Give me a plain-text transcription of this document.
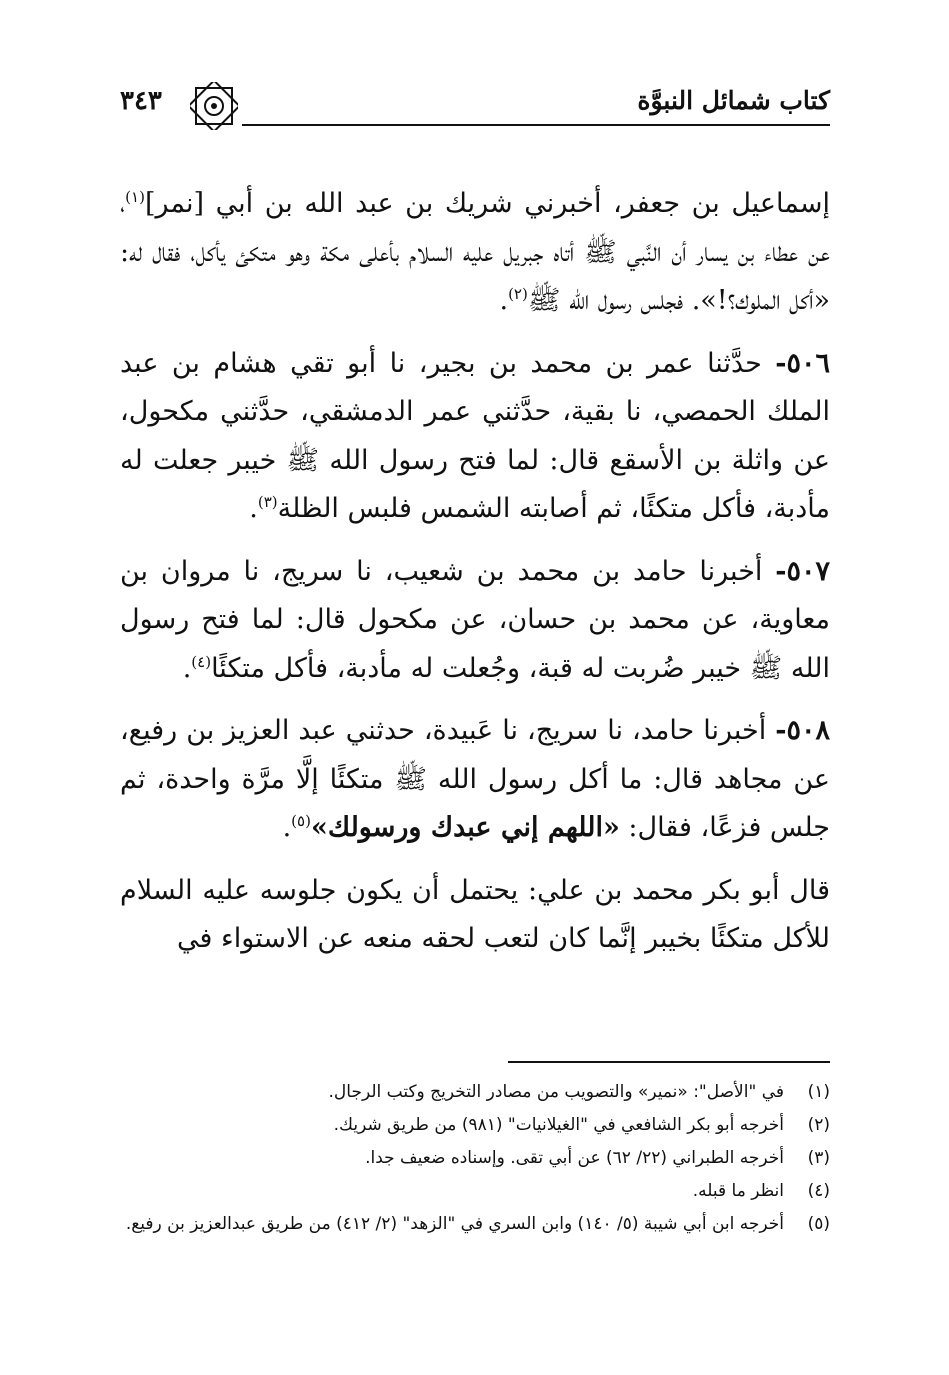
كتاب شمائل النبوَّة
٣٤٣

إسماعيل بن جعفر، أخبرني شريك بن عبد الله بن أبي [نمر]$^{(١)}$، عن عطاء بن يسار أن النَّبي ﷺ أتاه جبريل عليه السلام بأعلى مكة وهو متكئ يأكل، فقال له: «أكل الملوك؟!». فجلس رسول الله ﷺ$^{(٢)}$.

٥٠٦- حدَّثنا عمر بن محمد بن بجير، نا أبو تقي هشام بن عبد الملك الحمصي، نا بقية، حدَّثني عمر الدمشقي، حدَّثني مكحول، عن واثلة بن الأسقع قال: لما فتح رسول الله ﷺ خيبر جعلت له مأدبة، فأكل متكئًا، ثم أصابته الشمس فلبس الظلة$^{(٣)}$.

٥٠٧- أخبرنا حامد بن محمد بن شعيب، نا سريج، نا مروان بن معاوية، عن محمد بن حسان، عن مكحول قال: لما فتح رسول الله ﷺ خيبر ضُربت له قبة، وجُعلت له مأدبة، فأكل متكئًا$^{(٤)}$.

٥٠٨- أخبرنا حامد، نا سريج، نا عَبيدة، حدثني عبد العزيز بن رفيع، عن مجاهد قال: ما أكل رسول الله ﷺ متكئًا إلَّا مرَّة واحدة، ثم جلس فزعًا، فقال: «اللهم إني عبدك ورسولك»$^{(٥)}$.

قال أبو بكر محمد بن علي: يحتمل أن يكون جلوسه عليه السلام للأكل متكئًا بخيبر إنَّما كان لتعب لحقه منعه عن الاستواء في

(١)
في "الأصل": «نمير» والتصويب من مصادر التخريج وكتب الرجال.
(٢)
أخرجه أبو بكر الشافعي في "الغيلانيات" (٩٨١) من طريق شريك.
(٣)
أخرجه الطبراني (٢٢/ ٦٢) عن أبي تقى. وإسناده ضعيف جدا.
(٤)
انظر ما قبله.
(٥)
أخرجه ابن أبي شيبة (٥/ ١٤٠) وابن السري في "الزهد" (٢/ ٤١٢) من طريق عبدالعزيز بن رفيع.
